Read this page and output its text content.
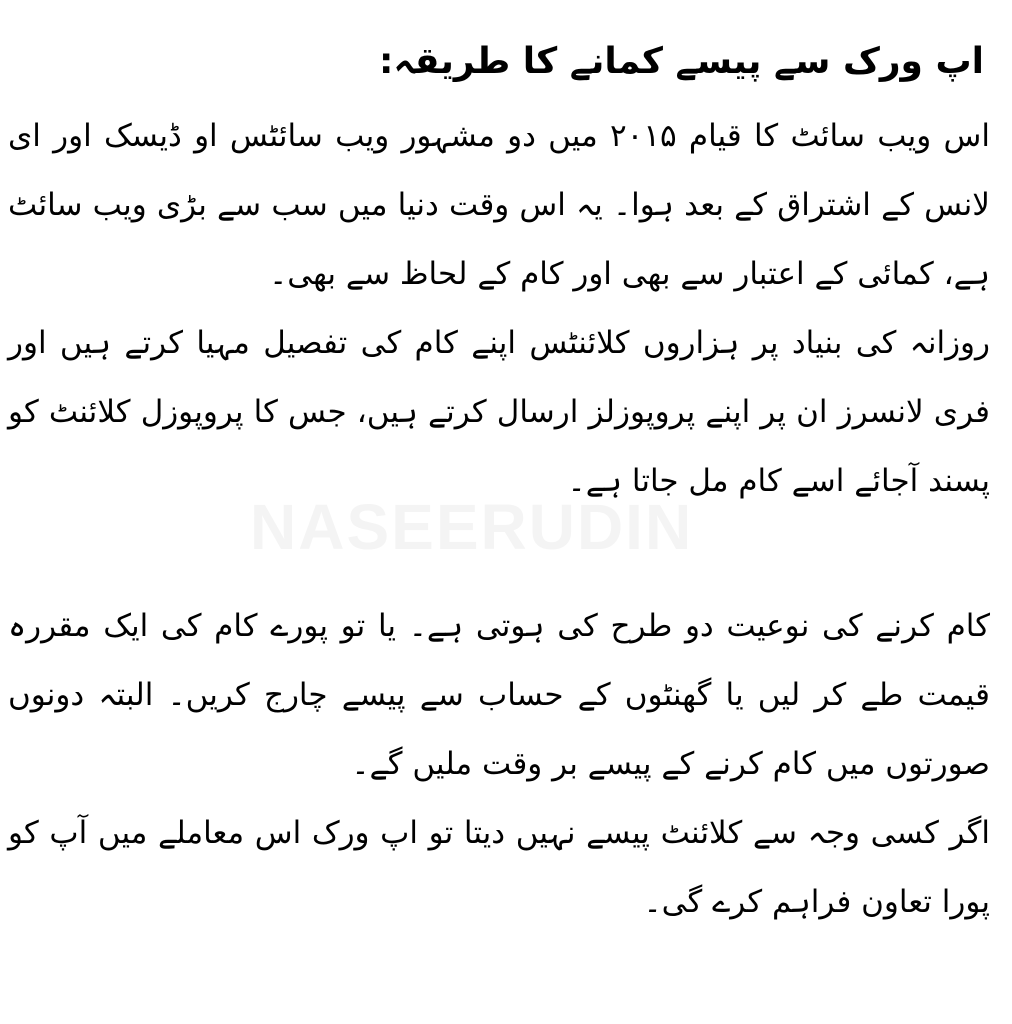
NASEERUDIN
اپ ورک سے پیسے کمانے کا طریقہ:

اس ویب سائٹ کا قیام ۲۰۱۵ میں دو مشہور ویب سائٹس او ڈیسک اور ای لانس کے اشتراق کے بعد ہوا۔ یہ اس وقت دنیا میں سب سے بڑی ویب سائٹ ہے، کمائی کے اعتبار سے بھی اور کام کے لحاظ سے بھی۔

روزانہ کی بنیاد پر ہزاروں کلائنٹس اپنے کام کی تفصیل مہیا کرتے ہیں اور فری لانسرز ان پر اپنے پروپوزلز ارسال کرتے ہیں، جس کا پروپوزل کلائنٹ کو پسند آجائے اسے کام مل جاتا ہے۔

کام کرنے کی نوعیت دو طرح کی ہوتی ہے۔ یا تو پورے کام کی ایک مقررہ قیمت طے کر لیں یا گھنٹوں کے حساب سے پیسے چارج کریں۔ البتہ دونوں صورتوں میں کام کرنے کے پیسے بر وقت ملیں گے۔

اگر کسی وجہ سے کلائنٹ پیسے نہیں دیتا تو اپ ورک اس معاملے میں آپ کو پورا تعاون فراہم کرے گی۔
